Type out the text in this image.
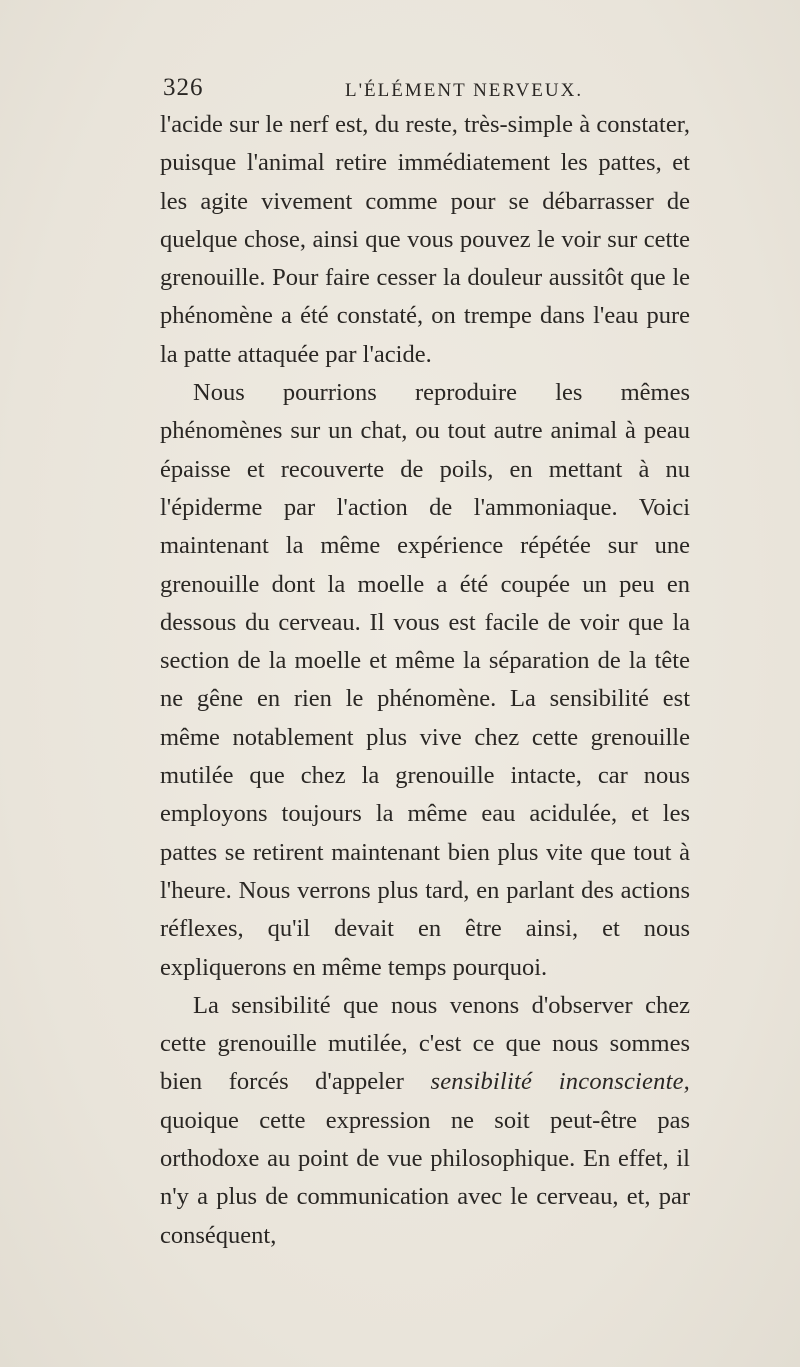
326	L'ÉLÉMENT NERVEUX.

l'acide sur le nerf est, du reste, très-simple à constater, puisque l'animal retire immédiatement les pattes, et les agite vivement comme pour se débarrasser de quelque chose, ainsi que vous pouvez le voir sur cette grenouille. Pour faire cesser la douleur aussitôt que le phénomène a été constaté, on trempe dans l'eau pure la patte attaquée par l'acide.

Nous pourrions reproduire les mêmes phénomènes sur un chat, ou tout autre animal à peau épaisse et recouverte de poils, en mettant à nu l'épiderme par l'action de l'ammoniaque. Voici maintenant la même expérience répétée sur une grenouille dont la moelle a été coupée un peu en dessous du cerveau. Il vous est facile de voir que la section de la moelle et même la séparation de la tête ne gêne en rien le phénomène. La sensibilité est même notablement plus vive chez cette grenouille mutilée que chez la grenouille intacte, car nous employons toujours la même eau acidulée, et les pattes se retirent maintenant bien plus vite que tout à l'heure. Nous verrons plus tard, en parlant des actions réflexes, qu'il devait en être ainsi, et nous expliquerons en même temps pourquoi.

La sensibilité que nous venons d'observer chez cette grenouille mutilée, c'est ce que nous sommes bien forcés d'appeler sensibilité inconsciente, quoique cette expression ne soit peut-être pas orthodoxe au point de vue philosophique. En effet, il n'y a plus de communication avec le cerveau, et, par conséquent,
